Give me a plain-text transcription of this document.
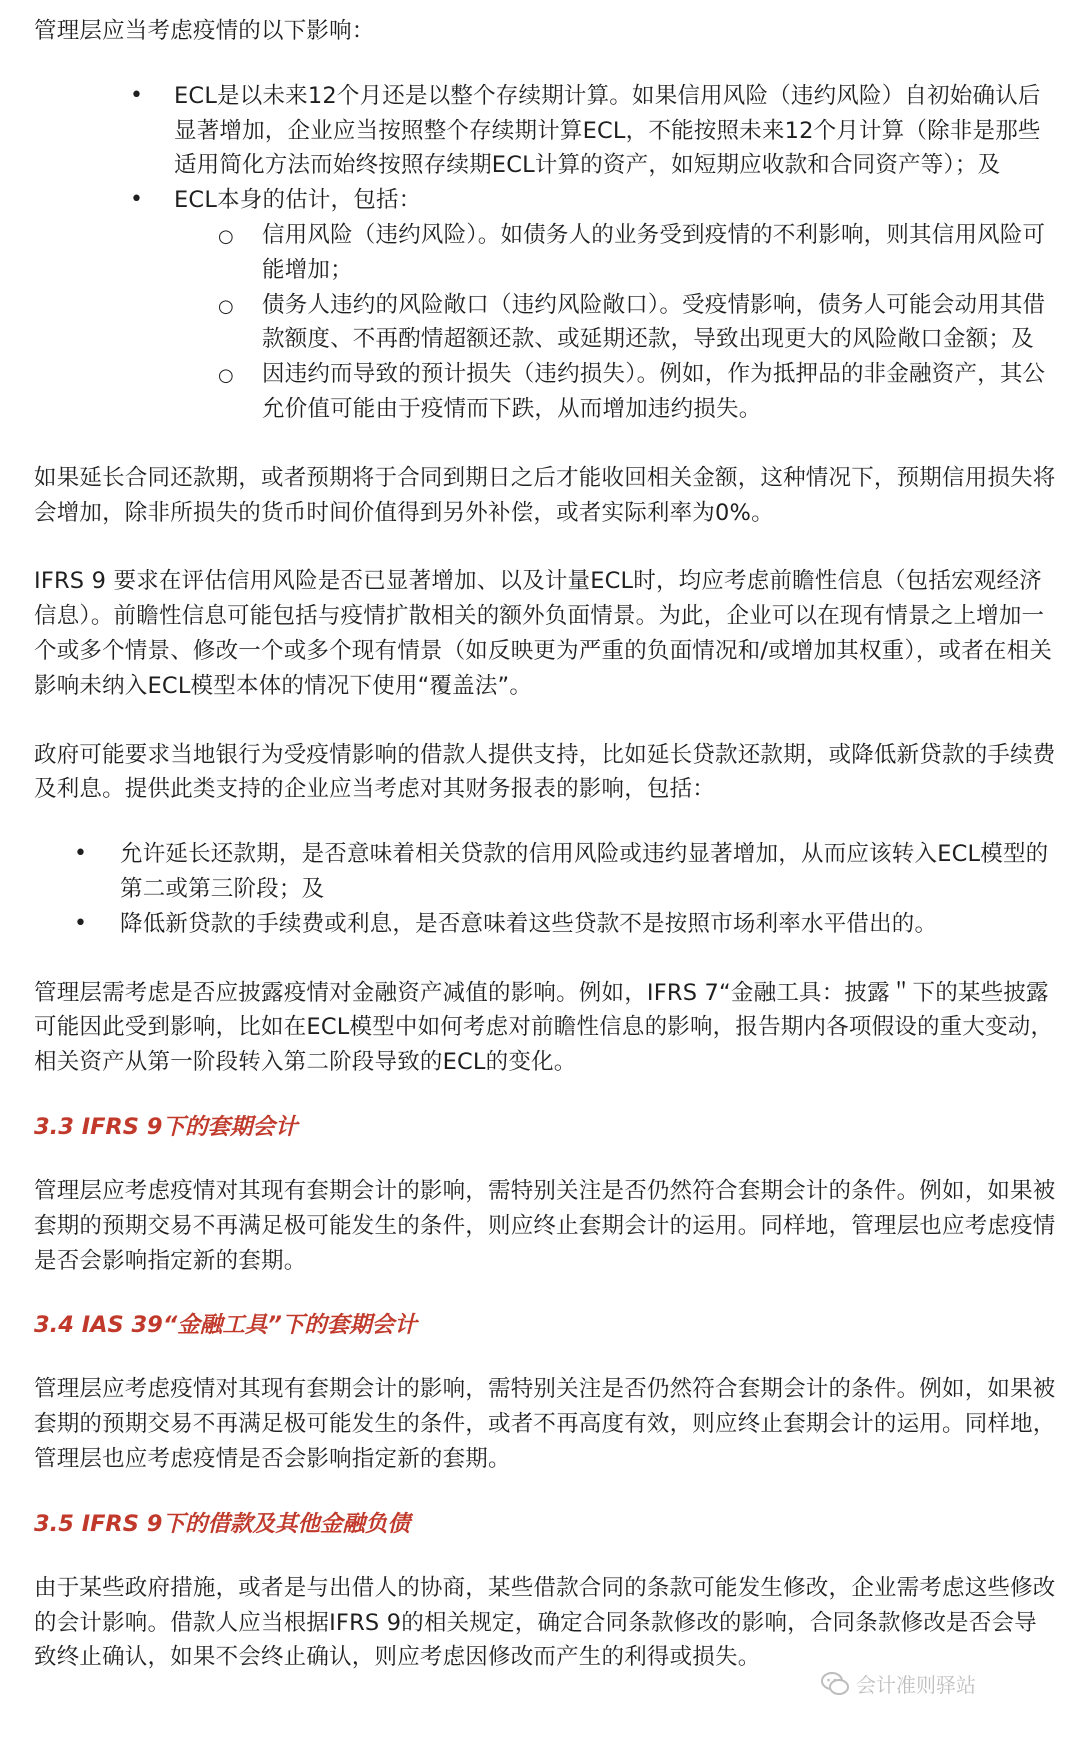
管理层应当考虑疫情的以下影响：

• ECL是以未来12个月还是以整个存续期计算。如果信用风险（违约风险）自初始确认后显著增加，企业应当按照整个存续期计算ECL，不能按照未来12个月计算（除非是那些适用简化方法而始终按照存续期ECL计算的资产，如短期应收款和合同资产等）；及

• ECL本身的估计，包括：

○ 信用风险（违约风险）。如债务人的业务受到疫情的不利影响，则其信用风险可能增加；

○ 债务人违约的风险敞口（违约风险敞口）。受疫情影响，债务人可能会动用其借款额度、不再酌情超额还款、或延期还款，导致出现更大的风险敞口金额；及

○ 因违约而导致的预计损失（违约损失）。例如，作为抵押品的非金融资产，其公允价值可能由于疫情而下跌，从而增加违约损失。

如果延长合同还款期，或者预期将于合同到期日之后才能收回相关金额，这种情况下，预期信用损失将会增加，除非所损失的货币时间价值得到另外补偿，或者实际利率为0%。

IFRS 9 要求在评估信用风险是否已显著增加、以及计量ECL时，均应考虑前瞻性信息（包括宏观经济信息）。前瞻性信息可能包括与疫情扩散相关的额外负面情景。为此，企业可以在现有情景之上增加一个或多个情景、修改一个或多个现有情景（如反映更为严重的负面情况和/或增加其权重），或者在相关影响未纳入ECL模型本体的情况下使用“覆盖法”。

政府可能要求当地银行为受疫情影响的借款人提供支持，比如延长贷款还款期，或降低新贷款的手续费及利息。提供此类支持的企业应当考虑对其财务报表的影响，包括：

• 允许延长还款期，是否意味着相关贷款的信用风险或违约显著增加，从而应该转入ECL模型的第二或第三阶段；及

• 降低新贷款的手续费或利息，是否意味着这些贷款不是按照市场利率水平借出的。

管理层需考虑是否应披露疫情对金融资产减值的影响。例如，IFRS 7“金融工具：披露＂下的某些披露可能因此受到影响，比如在ECL模型中如何考虑对前瞻性信息的影响，报告期内各项假设的重大变动，相关资产从第一阶段转入第二阶段导致的ECL的变化。

3.3 IFRS 9下的套期会计

管理层应考虑疫情对其现有套期会计的影响，需特别关注是否仍然符合套期会计的条件。例如，如果被套期的预期交易不再满足极可能发生的条件，则应终止套期会计的运用。同样地，管理层也应考虑疫情是否会影响指定新的套期。

3.4 IAS 39“金融工具”下的套期会计

管理层应考虑疫情对其现有套期会计的影响，需特别关注是否仍然符合套期会计的条件。例如，如果被套期的预期交易不再满足极可能发生的条件，或者不再高度有效，则应终止套期会计的运用。同样地，管理层也应考虑疫情是否会影响指定新的套期。

3.5 IFRS 9下的借款及其他金融负债

由于某些政府措施，或者是与出借人的协商，某些借款合同的条款可能发生修改，企业需考虑这些修改的会计影响。借款人应当根据IFRS 9的相关规定，确定合同条款修改的影响，合同条款修改是否会导致终止确认，如果不会终止确认，则应考虑因修改而产生的利得或损失。

会计准则驿站
